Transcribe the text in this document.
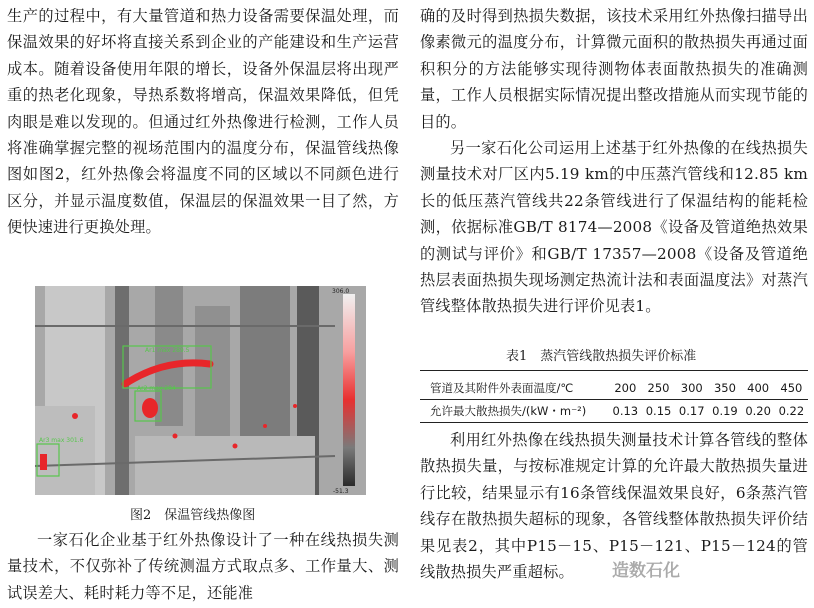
生产的过程中，有大量管道和热力设备需要保温处理，而保温效果的好坏将直接关系到企业的产能建设和生产运营成本。随着设备使用年限的增长，设备外保温层将出现严重的热老化现象，导热系数将增高，保温效果降低，但凭肉眼是难以发现的。但通过红外热像进行检测，工作人员将准确掌握完整的视场范围内的温度分布，保温管线热像图如图2，红外热像会将温度不同的区域以不同颜色进行区分，并显示温度数值，保温层的保温效果一目了然，方便快速进行更换处理。

Ar1 max 289.5
Ar2 max 284
Ar3 max 301.6
306.0
-51.3
图2　保温管线热像图

一家石化企业基于红外热像设计了一种在线热损失测量技术，不仅弥补了传统测温方式取点多、工作量大、测试误差大、耗时耗力等不足，还能准

确的及时得到热损失数据，该技术采用红外热像扫描导出像素微元的温度分布，计算微元面积的散热损失再通过面积积分的方法能够实现待测物体表面散热损失的准确测量，工作人员根据实际情况提出整改措施从而实现节能的目的。

另一家石化公司运用上述基于红外热像的在线热损失测量技术对厂区内5.19 km的中压蒸汽管线和12.85 km长的低压蒸汽管线共22条管线进行了保温结构的能耗检测，依据标准GB/T 8174—2008《设备及管道绝热效果的测试与评价》和GB/T 17357—2008《设备及管道绝热层表面热损失现场测定热流计法和表面温度法》对蒸汽管线整体散热损失进行评价见表1。

表1　蒸汽管线散热损失评价标准
管道及其附件外表面温度/℃	200	250	300	350	400	450
允许最大散热损失/(kW・m⁻²)	0.13	0.15	0.17	0.19	0.20	0.22

利用红外热像在线热损失测量技术计算各管线的整体散热损失量，与按标准规定计算的允许最大散热损失量进行比较，结果显示有16条管线保温效果良好，6条蒸汽管线存在散热损失超标的现象，各管线整体散热损失评价结果见表2，其中P15－15、P15－121、P15－124的管线散热损失严重超标。	造数石化
